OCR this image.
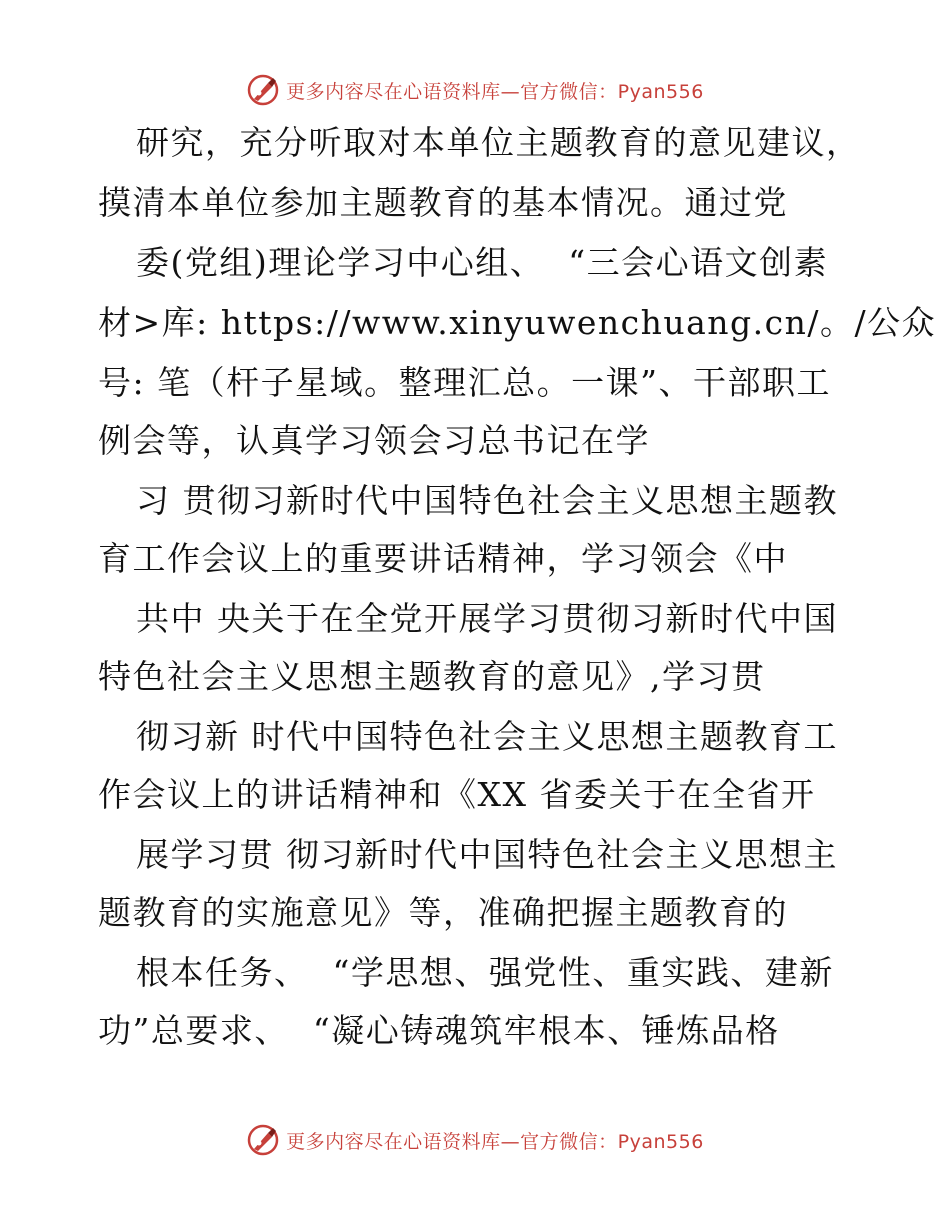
更多内容尽在心语资料库—官方微信：Pyan556
研究，充分听取对本单位主题教育的意见建议，
摸清本单位参加主题教育的基本情况。通过党
委(党组)理论学习中心组、  “三会心语文创素
材>库: https://www.xinyuwenchuang.cn/。/公众
号: 笔（杆子星域。整理汇总。一课”、干部职工
例会等，认真学习领会习总书记在学
习 贯彻习新时代中国特色社会主义思想主题教
育工作会议上的重要讲话精神，学习领会《中
共中 央关于在全党开展学习贯彻习新时代中国
特色社会主义思想主题教育的意见》,学习贯
彻习新 时代中国特色社会主义思想主题教育工
作会议上的讲话精神和《XX 省委关于在全省开
展学习贯 彻习新时代中国特色社会主义思想主
题教育的实施意见》等，准确把握主题教育的
根本任务、  “学思想、强党性、重实践、建新
功”总要求、  “凝心铸魂筑牢根本、锤炼品格
更多内容尽在心语资料库—官方微信：Pyan556
